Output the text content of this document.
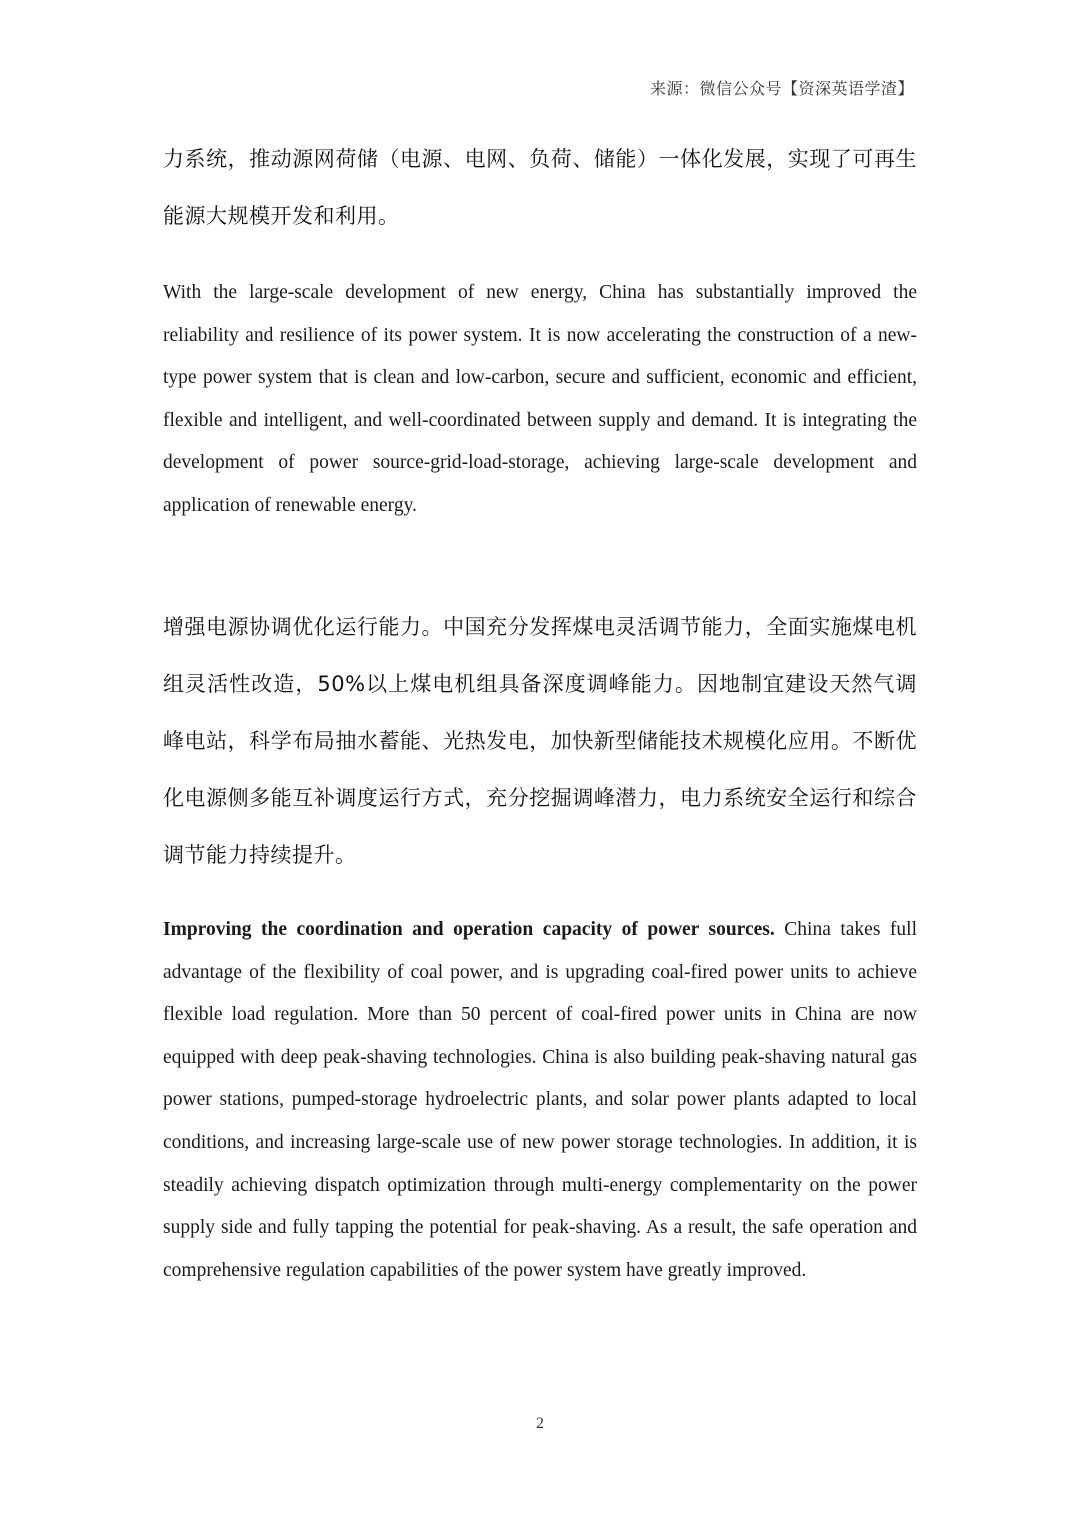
来源：微信公众号【资深英语学渣】

力系统，推动源网荷储（电源、电网、负荷、储能）一体化发展，实现了可再生能源大规模开发和利用。

With the large-scale development of new energy, China has substantially improved the reliability and resilience of its power system. It is now accelerating the construction of a new-type power system that is clean and low-carbon, secure and sufficient, economic and efficient, flexible and intelligent, and well-coordinated between supply and demand. It is integrating the development of power source-grid-load-storage, achieving large-scale development and application of renewable energy.

增强电源协调优化运行能力。中国充分发挥煤电灵活调节能力，全面实施煤电机组灵活性改造，50%以上煤电机组具备深度调峰能力。因地制宜建设天然气调峰电站，科学布局抽水蓄能、光热发电，加快新型储能技术规模化应用。不断优化电源侧多能互补调度运行方式，充分挖掘调峰潜力，电力系统安全运行和综合调节能力持续提升。

Improving the coordination and operation capacity of power sources. China takes full advantage of the flexibility of coal power, and is upgrading coal-fired power units to achieve flexible load regulation. More than 50 percent of coal-fired power units in China are now equipped with deep peak-shaving technologies. China is also building peak-shaving natural gas power stations, pumped-storage hydroelectric plants, and solar power plants adapted to local conditions, and increasing large-scale use of new power storage technologies. In addition, it is steadily achieving dispatch optimization through multi-energy complementarity on the power supply side and fully tapping the potential for peak-shaving. As a result, the safe operation and comprehensive regulation capabilities of the power system have greatly improved.

2
